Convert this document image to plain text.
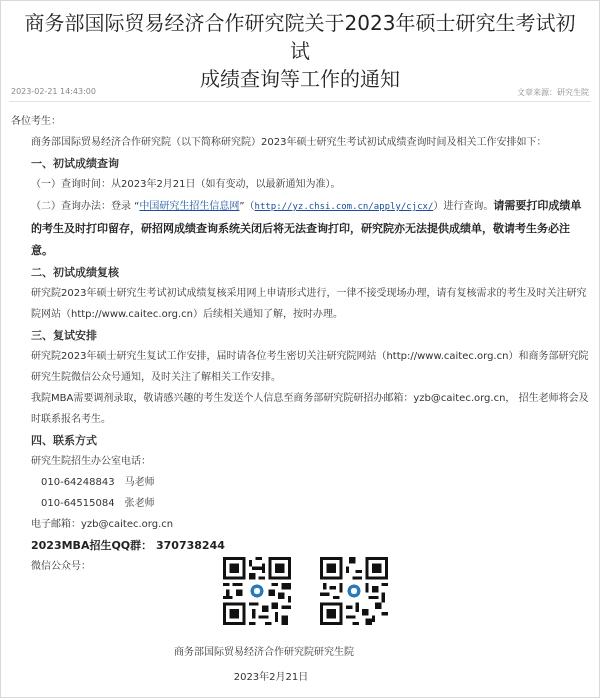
商务部国际贸易经济合作研究院关于2023年硕士研究生考试初试
成绩查询等工作的通知
2023-02-21 14:43:00	文章来源：研究生院

各位考生：

商务部国际贸易经济合作研究院（以下简称研究院）2023年硕士研究生考试初试成绩查询时间及相关工作安排如下：

一、初试成绩查询

（一）查询时间：从2023年2月21日（如有变动，以最新通知为准）。

（二）查询办法：登录 “中国研究生招生信息网”（http://yz.chsi.com.cn/apply/cjcx/）进行查询。请需要打印成绩单的考生及时打印留存，研招网成绩查询系统关闭后将无法查询打印，研究院亦无法提供成绩单，敬请考生务必注意。

二、初试成绩复核

研究院2023年硕士研究生考试初试成绩复核采用网上申请形式进行，一律不接受现场办理，请有复核需求的考生及时关注研究院网站（http://www.caitec.org.cn）后续相关通知了解，按时办理。

三、复试安排

研究院2023年硕士研究生复试工作安排，届时请各位考生密切关注研究院网站（http://www.caitec.org.cn）和商务部研究院研究生院微信公众号通知，及时关注了解相关工作安排。

我院MBA需要调剂录取，敬请感兴趣的考生发送个人信息至商务部研究院研招办邮箱：yzb@caitec.org.cn， 招生老师将会及时联系报名考生。

四、联系方式

研究生院招生办公室电话：

010-64248843　马老师

010-64515084　张老师

电子邮箱：yzb@caitec.org.cn

2023MBA招生QQ群： 370738244

微信公众号：

商务部国际贸易经济合作研究院研究生院
2023年2月21日
